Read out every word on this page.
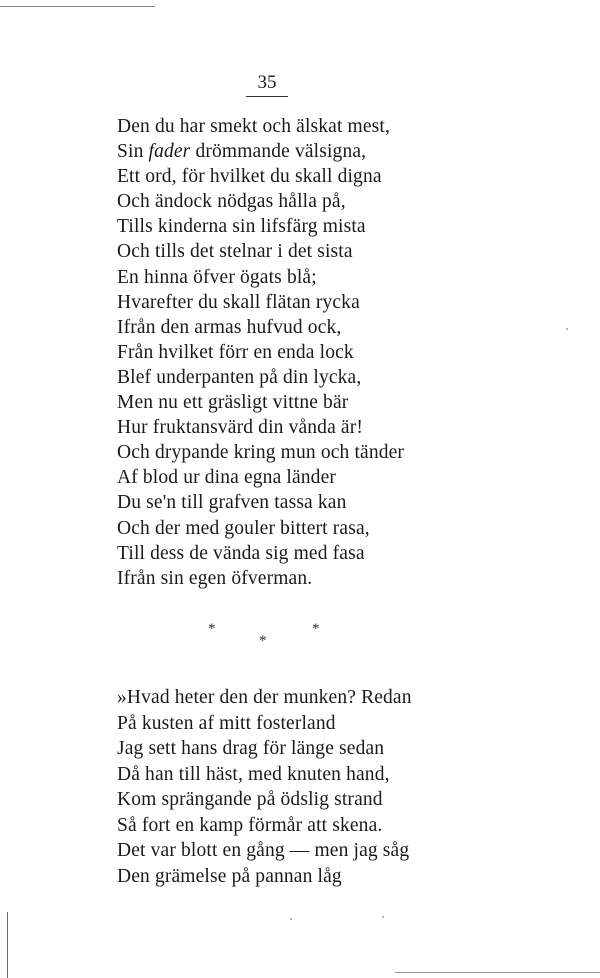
35
Den du har smekt och älskat mest,
Sin fader drömmande välsigna,
Ett ord, för hvilket du skall digna
Och ändock nödgas hålla på,
Tills kinderna sin lifsfärg mista
Och tills det stelnar i det sista
En hinna öfver ögats blå;
Hvarefter du skall flätan rycka
Ifrån den armas hufvud ock,
Från hvilket förr en enda lock
Blef underpanten på din lycka,
Men nu ett gräsligt vittne bär
Hur fruktansvärd din vånda är!
Och drypande kring mun och tänder
Af blod ur dina egna länder
Du se'n till grafven tassa kan
Och der med gouler bittert rasa,
Till dess de vända sig med fasa
Ifrån sin egen öfverman.
*
*
*
»Hvad heter den der munken? Redan
På kusten af mitt fosterland
Jag sett hans drag för länge sedan
Då han till häst, med knuten hand,
Kom sprängande på ödslig strand
Så fort en kamp förmår att skena.
Det var blott en gång — men jag såg
Den grämelse på pannan låg
